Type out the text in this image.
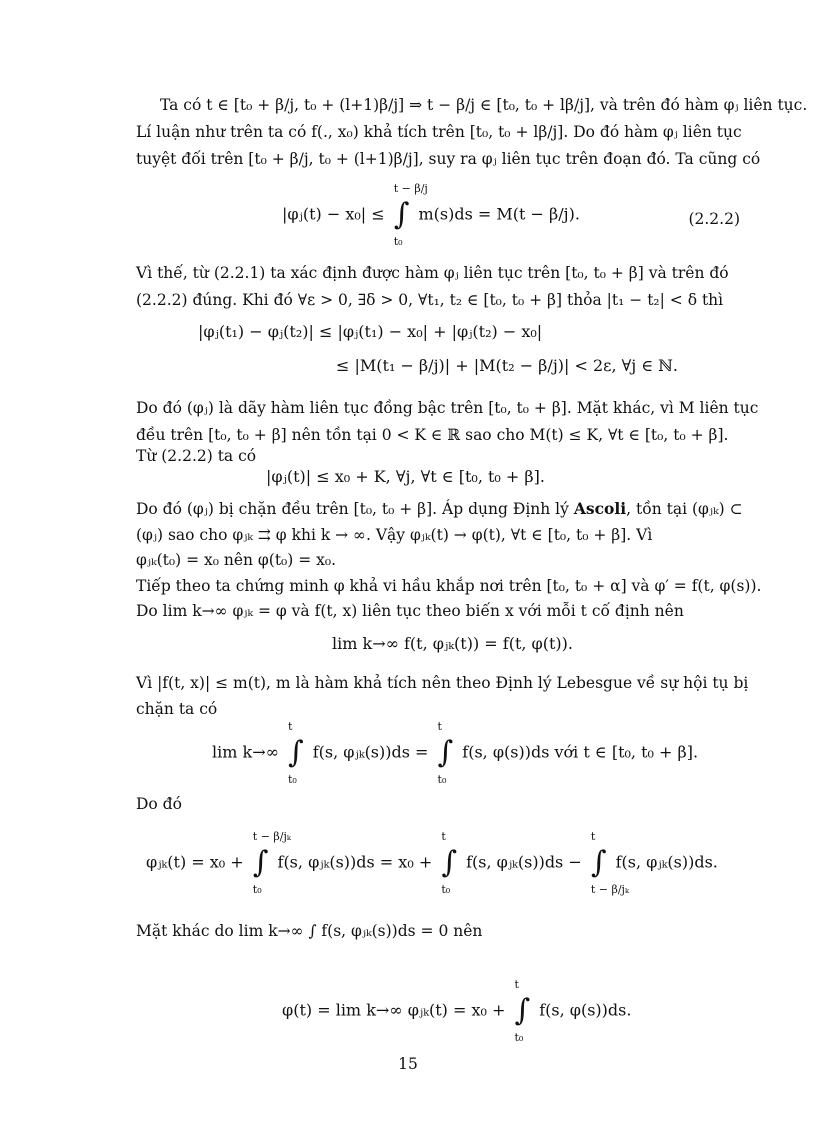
Ta có t ∈ [t₀ + β/j, t₀ + (l+1)β/j] ⇒ t − β/j ∈ [t₀, t₀ + lβ/j], và trên đó hàm φⱼ liên tục.
Lí luận như trên ta có f(., x₀) khả tích trên [t₀, t₀ + lβ/j]. Do đó hàm φⱼ liên tục
tuyệt đối trên [t₀ + β/j, t₀ + (l+1)β/j], suy ra φⱼ liên tục trên đoạn đó. Ta cũng có
|φⱼ(t) − x₀| ≤
t − β/j
∫
t₀
m(s)ds = M(t − β/j).	(2.2.2)
Vì thế, từ (2.2.1) ta xác định được hàm φⱼ liên tục trên [t₀, t₀ + β] và trên đó
(2.2.2) đúng. Khi đó ∀ε > 0, ∃δ > 0, ∀t₁, t₂ ∈ [t₀, t₀ + β] thỏa |t₁ − t₂| < δ thì
|φⱼ(t₁) − φⱼ(t₂)| ≤ |φⱼ(t₁) − x₀| + |φⱼ(t₂) − x₀|
≤ |M(t₁ − β/j)| + |M(t₂ − β/j)| < 2ε, ∀j ∈ ℕ.
Do đó (φⱼ) là dãy hàm liên tục đồng bậc trên [t₀, t₀ + β]. Mặt khác, vì M liên tục
đều trên [t₀, t₀ + β] nên tồn tại 0 < K ∈ ℝ sao cho M(t) ≤ K, ∀t ∈ [t₀, t₀ + β].
Từ (2.2.2) ta có
|φⱼ(t)| ≤ x₀ + K, ∀j, ∀t ∈ [t₀, t₀ + β].
Do đó (φⱼ) bị chặn đều trên [t₀, t₀ + β]. Áp dụng Định lý Ascoli, tồn tại (φⱼₖ) ⊂
(φⱼ) sao cho φⱼₖ ⇉ φ khi k → ∞. Vậy φⱼₖ(t) → φ(t), ∀t ∈ [t₀, t₀ + β]. Vì
φⱼₖ(t₀) = x₀ nên φ(t₀) = x₀.
Tiếp theo ta chứng minh φ khả vi hầu khắp nơi trên [t₀, t₀ + α] và φ′ = f(t, φ(s)).
Do lim k→∞ φⱼₖ = φ và f(t, x) liên tục theo biến x với mỗi t cố định nên
lim k→∞ f(t, φⱼₖ(t)) = f(t, φ(t)).
Vì |f(t, x)| ≤ m(t), m là hàm khả tích nên theo Định lý Lebesgue về sự hội tụ bị
chặn ta có
lim k→∞
t
∫
t₀
f(s, φⱼₖ(s))ds =
t
∫
t₀
f(s, φ(s))ds với t ∈ [t₀, t₀ + β].
Do đó
φⱼₖ(t) = x₀ +
t − β/jₖ
∫
t₀
f(s, φⱼₖ(s))ds = x₀ +
t
∫
t₀
f(s, φⱼₖ(s))ds −
t
∫
t − β/jₖ
f(s, φⱼₖ(s))ds.
Mặt khác do lim k→∞ ∫ f(s, φⱼₖ(s))ds = 0 nên
φ(t) = lim k→∞ φⱼₖ(t) = x₀ +
t
∫
t₀
f(s, φ(s))ds.
15
